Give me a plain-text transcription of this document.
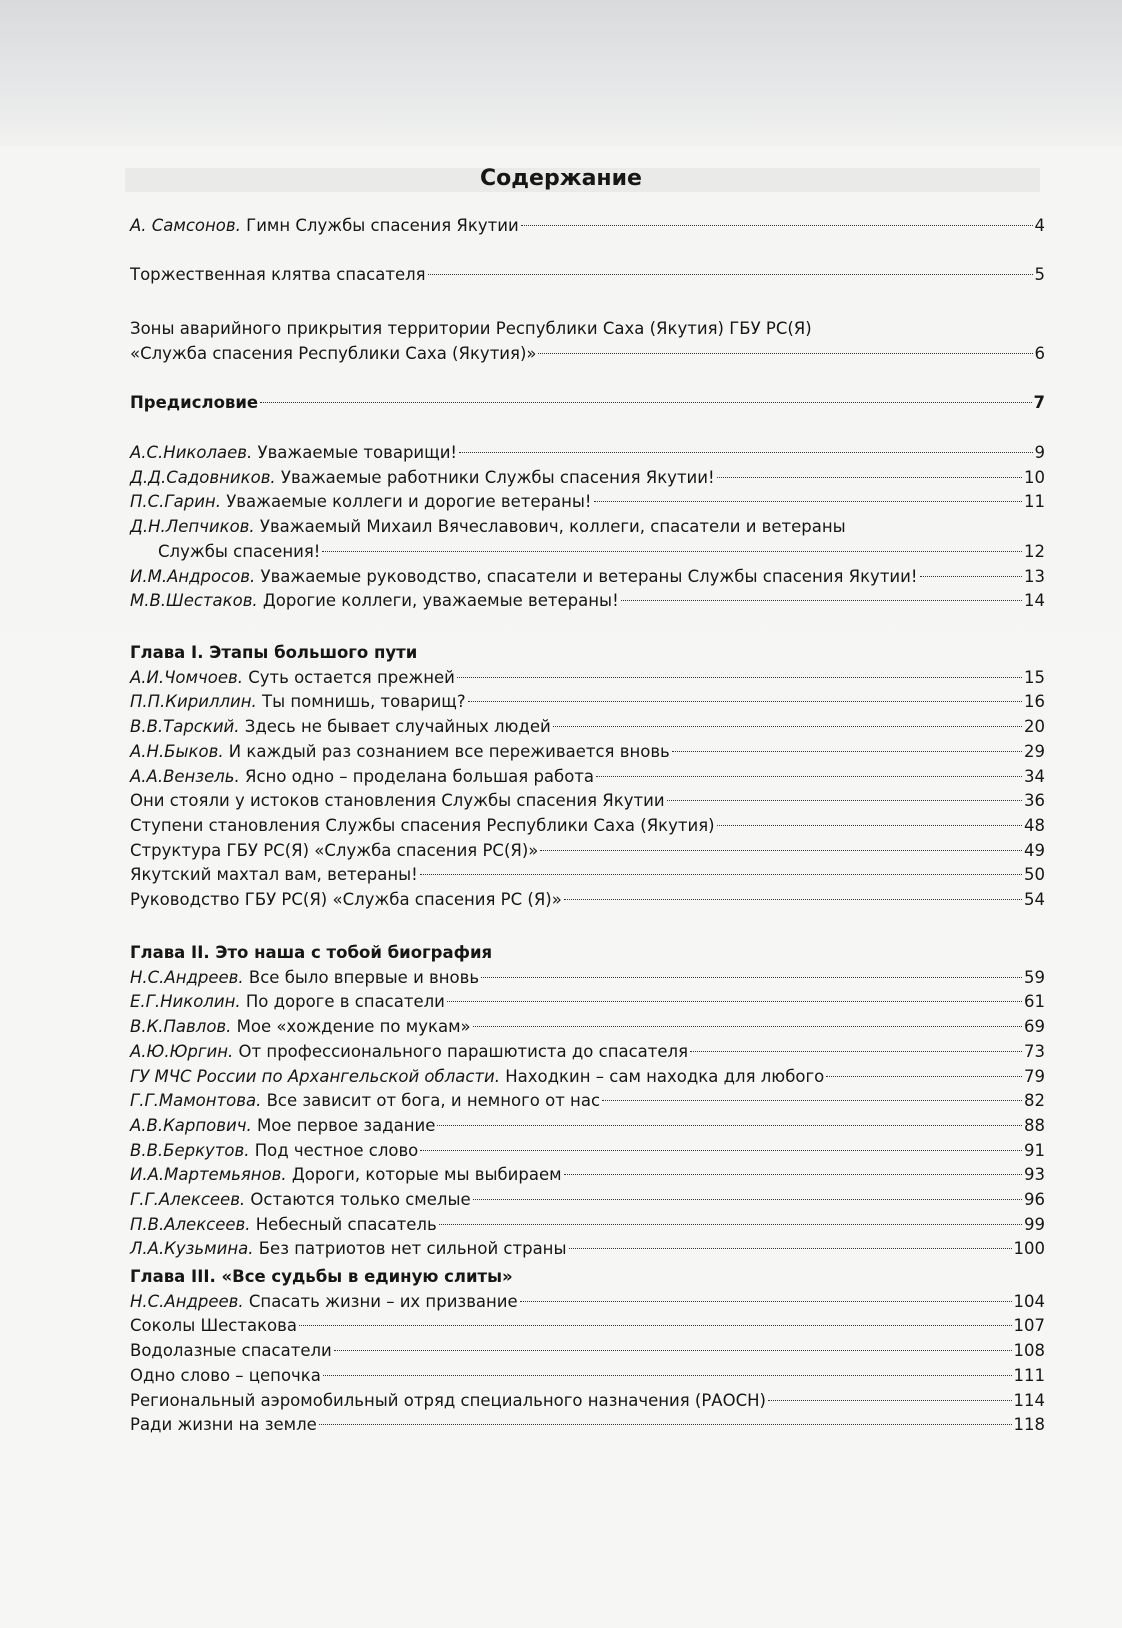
Содержание
А. Самсонов. Гимн Службы спасения Якутии	4
Торжественная клятва спасателя	5
Зоны аварийного прикрытия территории Республики Саха (Якутия) ГБУ РС(Я)
«Служба спасения Республики Саха (Якутия)»	6
Предисловие	7
А.С.Николаев. Уважаемые товарищи!	9
Д.Д.Садовников. Уважаемые работники Службы спасения Якутии!	10
П.С.Гарин. Уважаемые коллеги и дорогие ветераны!	11
Д.Н.Лепчиков. Уважаемый Михаил Вячеславович, коллеги, спасатели и ветераны
Службы спасения!	12
И.М.Андросов. Уважаемые руководство, спасатели и ветераны Службы спасения Якутии!	13
М.В.Шестаков. Дорогие коллеги, уважаемые ветераны!	14
Глава I. Этапы большого пути
А.И.Чомчоев. Суть остается прежней	15
П.П.Кириллин. Ты помнишь, товарищ?	16
В.В.Тарский. Здесь не бывает случайных людей	20
А.Н.Быков. И каждый раз сознанием все переживается вновь	29
А.А.Вензель. Ясно одно – проделана большая работа	34
Они стояли у истоков становления Службы спасения Якутии	36
Ступени становления Службы спасения Республики Саха (Якутия)	48
Структура ГБУ РС(Я) «Служба спасения РС(Я)»	49
Якутский махтал вам, ветераны!	50
Руководство ГБУ РС(Я) «Служба спасения РС (Я)»	54
Глава II. Это наша с тобой биография
Н.С.Андреев. Все было впервые и вновь	59
Е.Г.Николин. По дороге в спасатели	61
В.К.Павлов. Мое «хождение по мукам»	69
А.Ю.Юргин. От профессионального парашютиста до спасателя	73
ГУ МЧС России по Архангельской области. Находкин – сам находка для любого	79
Г.Г.Мамонтова. Все зависит от бога, и немного от нас	82
А.В.Карпович. Мое первое задание	88
В.В.Беркутов. Под честное слово	91
И.А.Мартемьянов. Дороги, которые мы выбираем	93
Г.Г.Алексеев. Остаются только смелые	96
П.В.Алексеев. Небесный спасатель	99
Л.А.Кузьмина. Без патриотов нет сильной страны	100
Глава III. «Все судьбы в единую слиты»
Н.С.Андреев. Спасать жизни – их призвание	104
Соколы Шестакова	107
Водолазные спасатели	108
Одно слово – цепочка	111
Региональный аэромобильный отряд специального назначения (РАОСН)	114
Ради жизни на земле	118
